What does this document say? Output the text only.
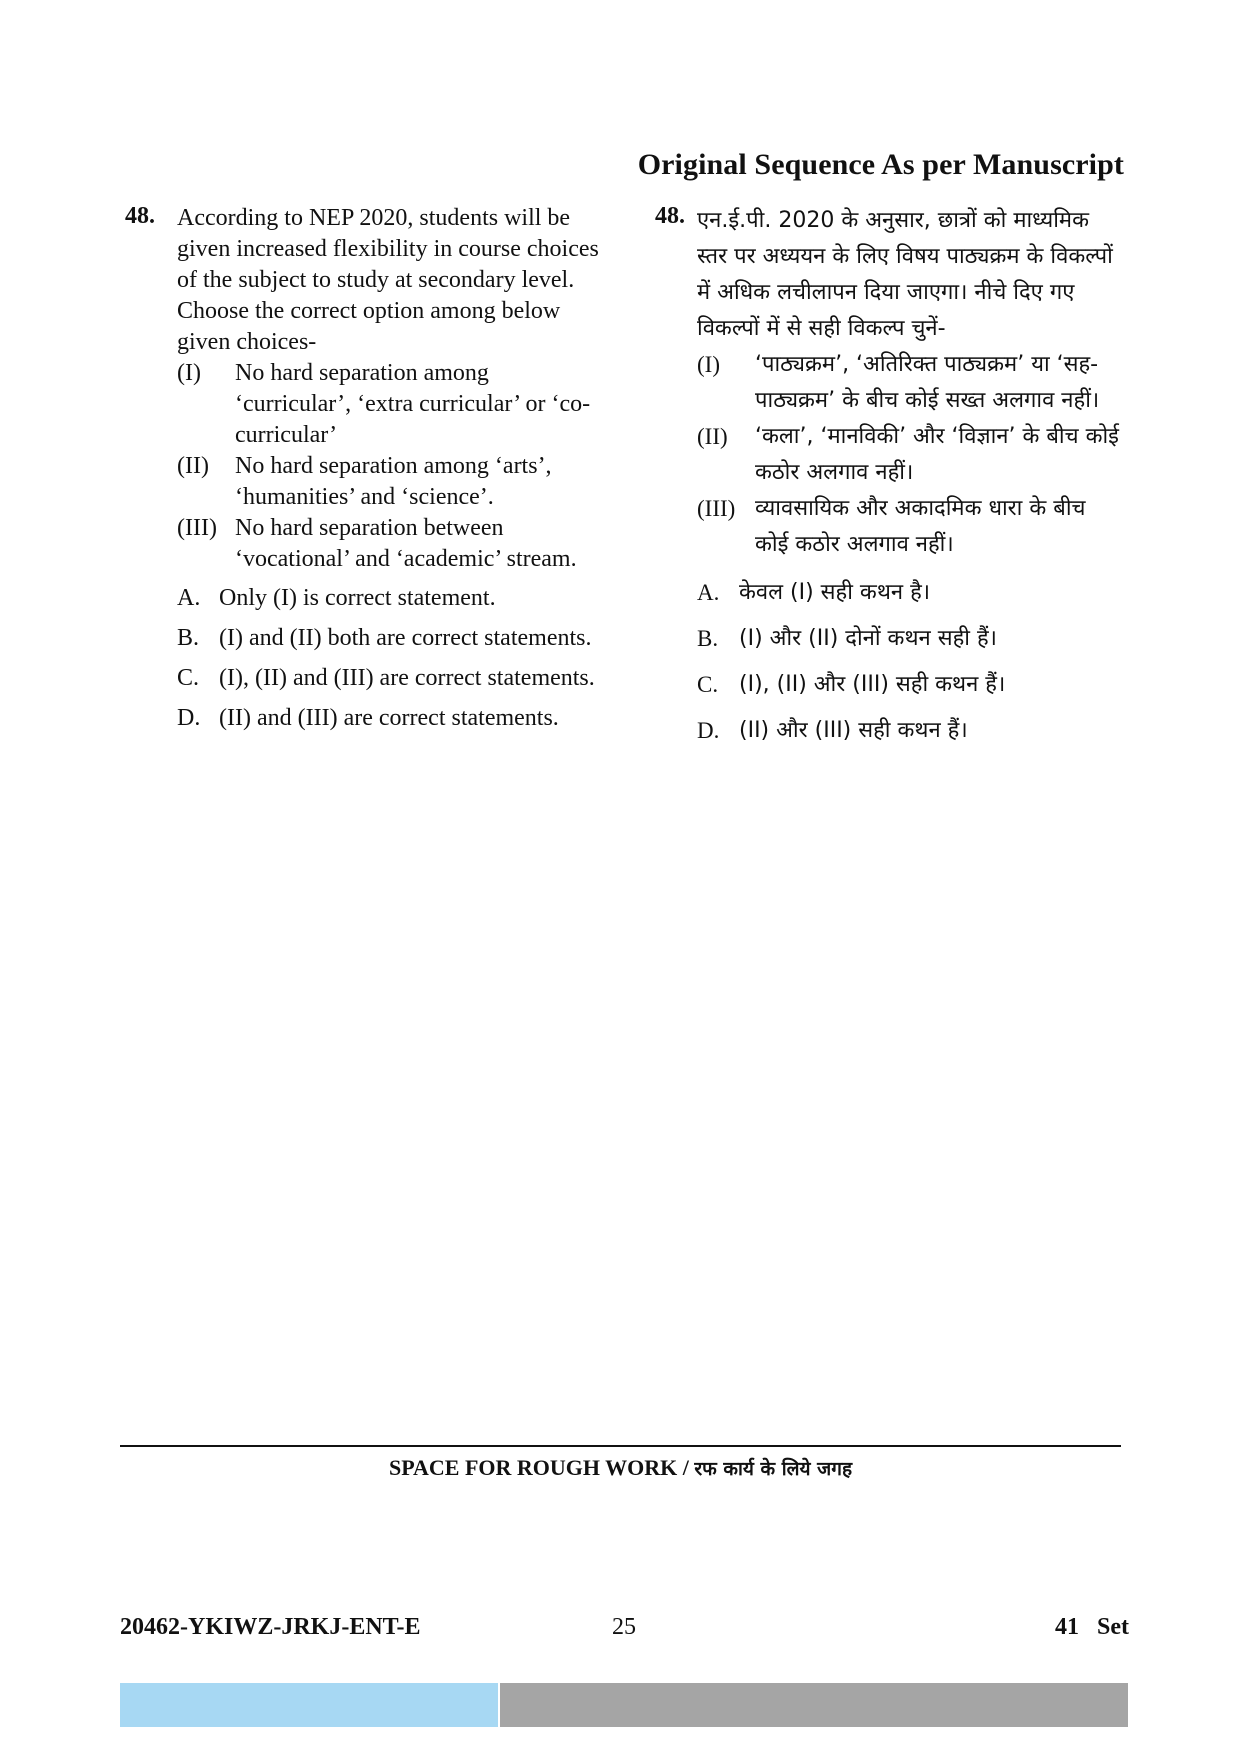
Original Sequence As per Manuscript
48. According to NEP 2020, students will be given increased flexibility in course choices of the subject to study at secondary level. Choose the correct option among below given choices-
(I)	No hard separation among ‘curricular’, ‘extra curricular’ or ‘co-curricular’
(II)	No hard separation among ‘arts’, ‘humanities’ and ‘science’.
(III) No hard separation between ‘vocational’ and ‘academic’ stream.
A. Only (I) is correct statement.
B. (I) and (II) both are correct statements.
C. (I), (II) and (III) are correct statements.
D. (II) and (III) are correct statements.
48. एन.ई.पी. 2020 के अनुसार, छात्रों को माध्यमिक स्तर पर अध्ययन के लिए विषय पाठ्यक्रम के विकल्पों में अधिक लचीलापन दिया जाएगा। नीचे दिए गए विकल्पों में से सही विकल्प चुनें-
(I)	‘पाठ्यक्रम’, ‘अतिरिक्त पाठ्यक्रम’ या ‘सह-पाठ्यक्रम’ के बीच कोई सख्त अलगाव नहीं।
(II)	‘कला’, ‘मानविकी’ और ‘विज्ञान’ के बीच कोई कठोर अलगाव नहीं।
(III) व्यावसायिक और अकादमिक धारा के बीच कोई कठोर अलगाव नहीं।
A. केवल (I) सही कथन है।
B. (I) और (II) दोनों कथन सही हैं।
C. (I), (II) और (III) सही कथन हैं।
D. (II) और (III) सही कथन हैं।
SPACE FOR ROUGH WORK / रफ कार्य के लिये जगह
20462-YKIWZ-JRKJ-ENT-E	25	41   Set
